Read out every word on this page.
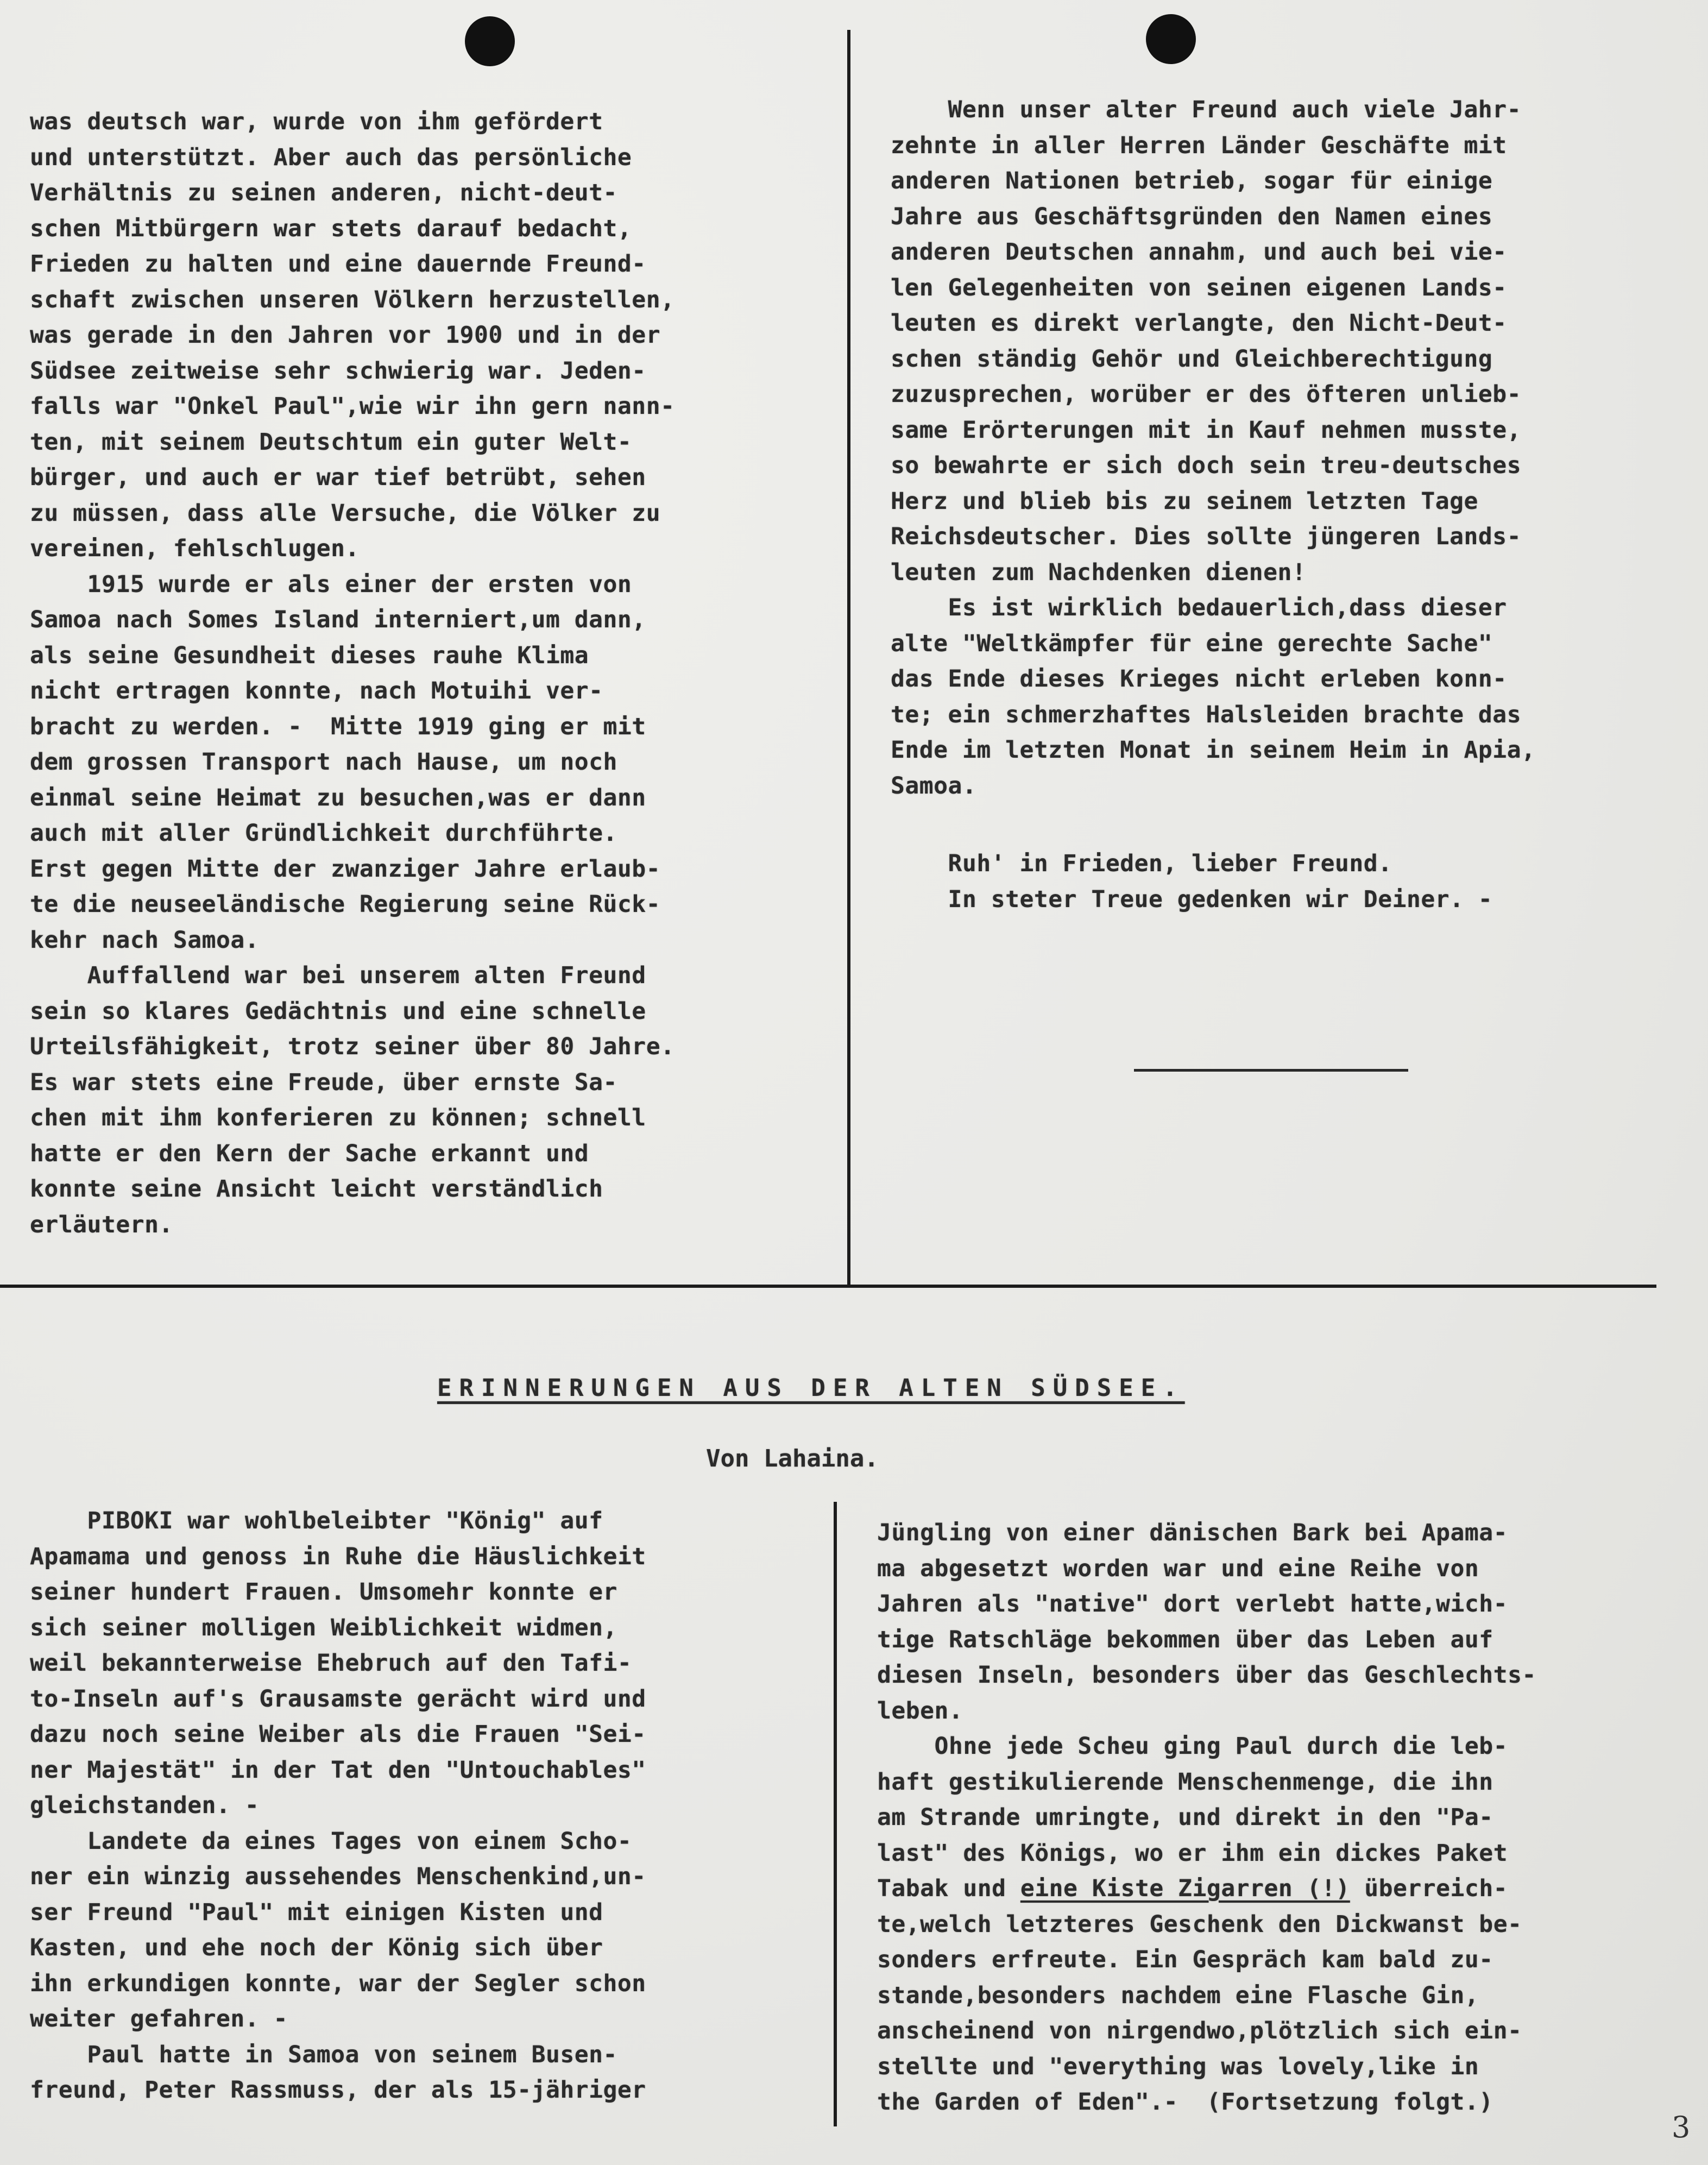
was deutsch war, wurde von ihm gefördert
und unterstützt. Aber auch das persönliche
Verhältnis zu seinen anderen, nicht-deut-
schen Mitbürgern war stets darauf bedacht,
Frieden zu halten und eine dauernde Freund-
schaft zwischen unseren Völkern herzustellen,
was gerade in den Jahren vor 1900 und in der
Südsee zeitweise sehr schwierig war. Jeden-
falls war "Onkel Paul",wie wir ihn gern nann-
ten, mit seinem Deutschtum ein guter Welt-
bürger, und auch er war tief betrübt, sehen
zu müssen, dass alle Versuche, die Völker zu
vereinen, fehlschlugen.
1915 wurde er als einer der ersten von
Samoa nach Somes Island interniert,um dann,
als seine Gesundheit dieses rauhe Klima
nicht ertragen konnte, nach Motuihi ver-
bracht zu werden. -  Mitte 1919 ging er mit
dem grossen Transport nach Hause, um noch
einmal seine Heimat zu besuchen,was er dann
auch mit aller Gründlichkeit durchführte.
Erst gegen Mitte der zwanziger Jahre erlaub-
te die neuseeländische Regierung seine Rück-
kehr nach Samoa.
Auffallend war bei unserem alten Freund
sein so klares Gedächtnis und eine schnelle
Urteilsfähigkeit, trotz seiner über 80 Jahre.
Es war stets eine Freude, über ernste Sa-
chen mit ihm konferieren zu können; schnell
hatte er den Kern der Sache erkannt und
konnte seine Ansicht leicht verständlich
erläutern.
Wenn unser alter Freund auch viele Jahr-
zehnte in aller Herren Länder Geschäfte mit
anderen Nationen betrieb, sogar für einige
Jahre aus Geschäftsgründen den Namen eines
anderen Deutschen annahm, und auch bei vie-
len Gelegenheiten von seinen eigenen Lands-
leuten es direkt verlangte, den Nicht-Deut-
schen ständig Gehör und Gleichberechtigung
zuzusprechen, worüber er des öfteren unlieb-
same Erörterungen mit in Kauf nehmen musste,
so bewahrte er sich doch sein treu-deutsches
Herz und blieb bis zu seinem letzten Tage
Reichsdeutscher. Dies sollte jüngeren Lands-
leuten zum Nachdenken dienen!
Es ist wirklich bedauerlich,dass dieser
alte "Weltkämpfer für eine gerechte Sache"
das Ende dieses Krieges nicht erleben konn-
te; ein schmerzhaftes Halsleiden brachte das
Ende im letzten Monat in seinem Heim in Apia,
Samoa.
Ruh' in Frieden, lieber Freund.
In steter Treue gedenken wir Deiner. -
ERINNERUNGEN AUS DER ALTEN SÜDSEE.
Von Lahaina.
PIBOKI war wohlbeleibter "König" auf
Apamama und genoss in Ruhe die Häuslichkeit
seiner hundert Frauen. Umsomehr konnte er
sich seiner molligen Weiblichkeit widmen,
weil bekannterweise Ehebruch auf den Tafi-
to-Inseln auf's Grausamste gerächt wird und
dazu noch seine Weiber als die Frauen "Sei-
ner Majestät" in der Tat den "Untouchables"
gleichstanden. -
Landete da eines Tages von einem Scho-
ner ein winzig aussehendes Menschenkind,un-
ser Freund "Paul" mit einigen Kisten und
Kasten, und ehe noch der König sich über
ihn erkundigen konnte, war der Segler schon
weiter gefahren. -
Paul hatte in Samoa von seinem Busen-
freund, Peter Rassmuss, der als 15-jähriger
Jüngling von einer dänischen Bark bei Apama-
ma abgesetzt worden war und eine Reihe von
Jahren als "native" dort verlebt hatte,wich-
tige Ratschläge bekommen über das Leben auf
diesen Inseln, besonders über das Geschlechts-
leben.
Ohne jede Scheu ging Paul durch die leb-
haft gestikulierende Menschenmenge, die ihn
am Strande umringte, und direkt in den "Pa-
last" des Königs, wo er ihm ein dickes Paket
Tabak und eine Kiste Zigarren (!) überreich-
te,welch letzteres Geschenk den Dickwanst be-
sonders erfreute. Ein Gespräch kam bald zu-
stande,besonders nachdem eine Flasche Gin,
anscheinend von nirgendwo,plötzlich sich ein-
stellte und "everything was lovely,like in
the Garden of Eden".-  (Fortsetzung folgt.)
3
